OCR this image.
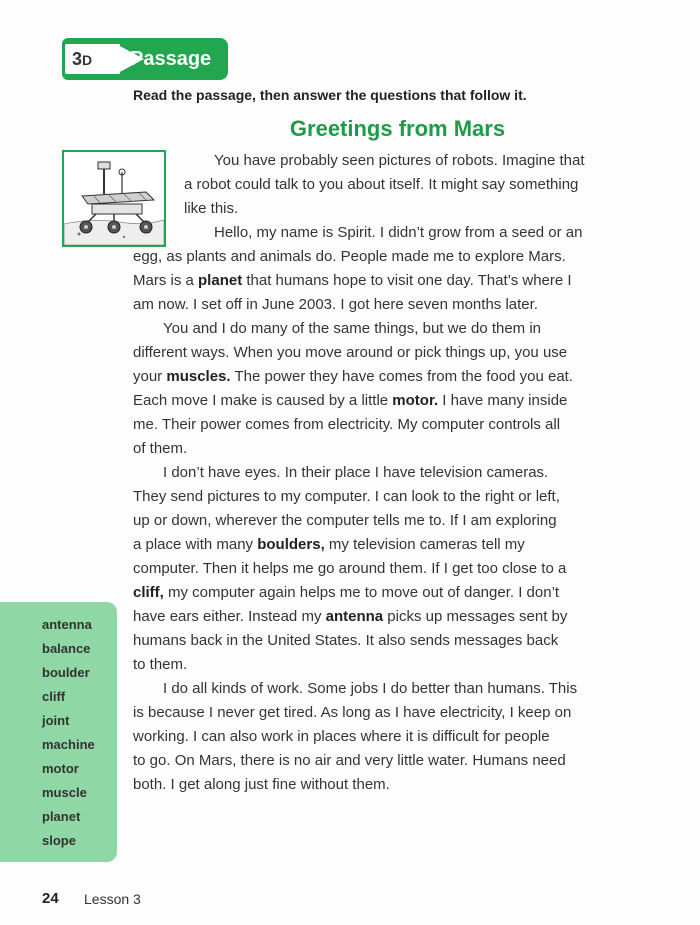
3D Passage
Read the passage, then answer the questions that follow it.
Greetings from Mars
You have probably seen pictures of robots. Imagine that
a robot could talk to you about itself. It might say something
like this.
Hello, my name is Spirit. I didn’t grow from a seed or an
egg, as plants and animals do. People made me to explore Mars.
Mars is a planet that humans hope to visit one day. That’s where I
am now. I set off in June 2003. I got here seven months later.
You and I do many of the same things, but we do them in
different ways. When you move around or pick things up, you use
your muscles. The power they have comes from the food you eat.
Each move I make is caused by a little motor. I have many inside
me. Their power comes from electricity. My computer controls all
of them.
I don’t have eyes. In their place I have television cameras.
They send pictures to my computer. I can look to the right or left,
up or down, wherever the computer tells me to. If I am exploring
a place with many boulders, my television cameras tell my
computer. Then it helps me go around them. If I get too close to a
cliff, my computer again helps me to move out of danger. I don’t
have ears either. Instead my antenna picks up messages sent by
humans back in the United States. It also sends messages back
to them.
I do all kinds of work. Some jobs I do better than humans. This
is because I never get tired. As long as I have electricity, I keep on
working. I can also work in places where it is difficult for people
to go. On Mars, there is no air and very little water. Humans need
both. I get along just fine without them.
antenna
balance
boulder
cliff
joint
machine
motor
muscle
planet
slope
24 Lesson 3
